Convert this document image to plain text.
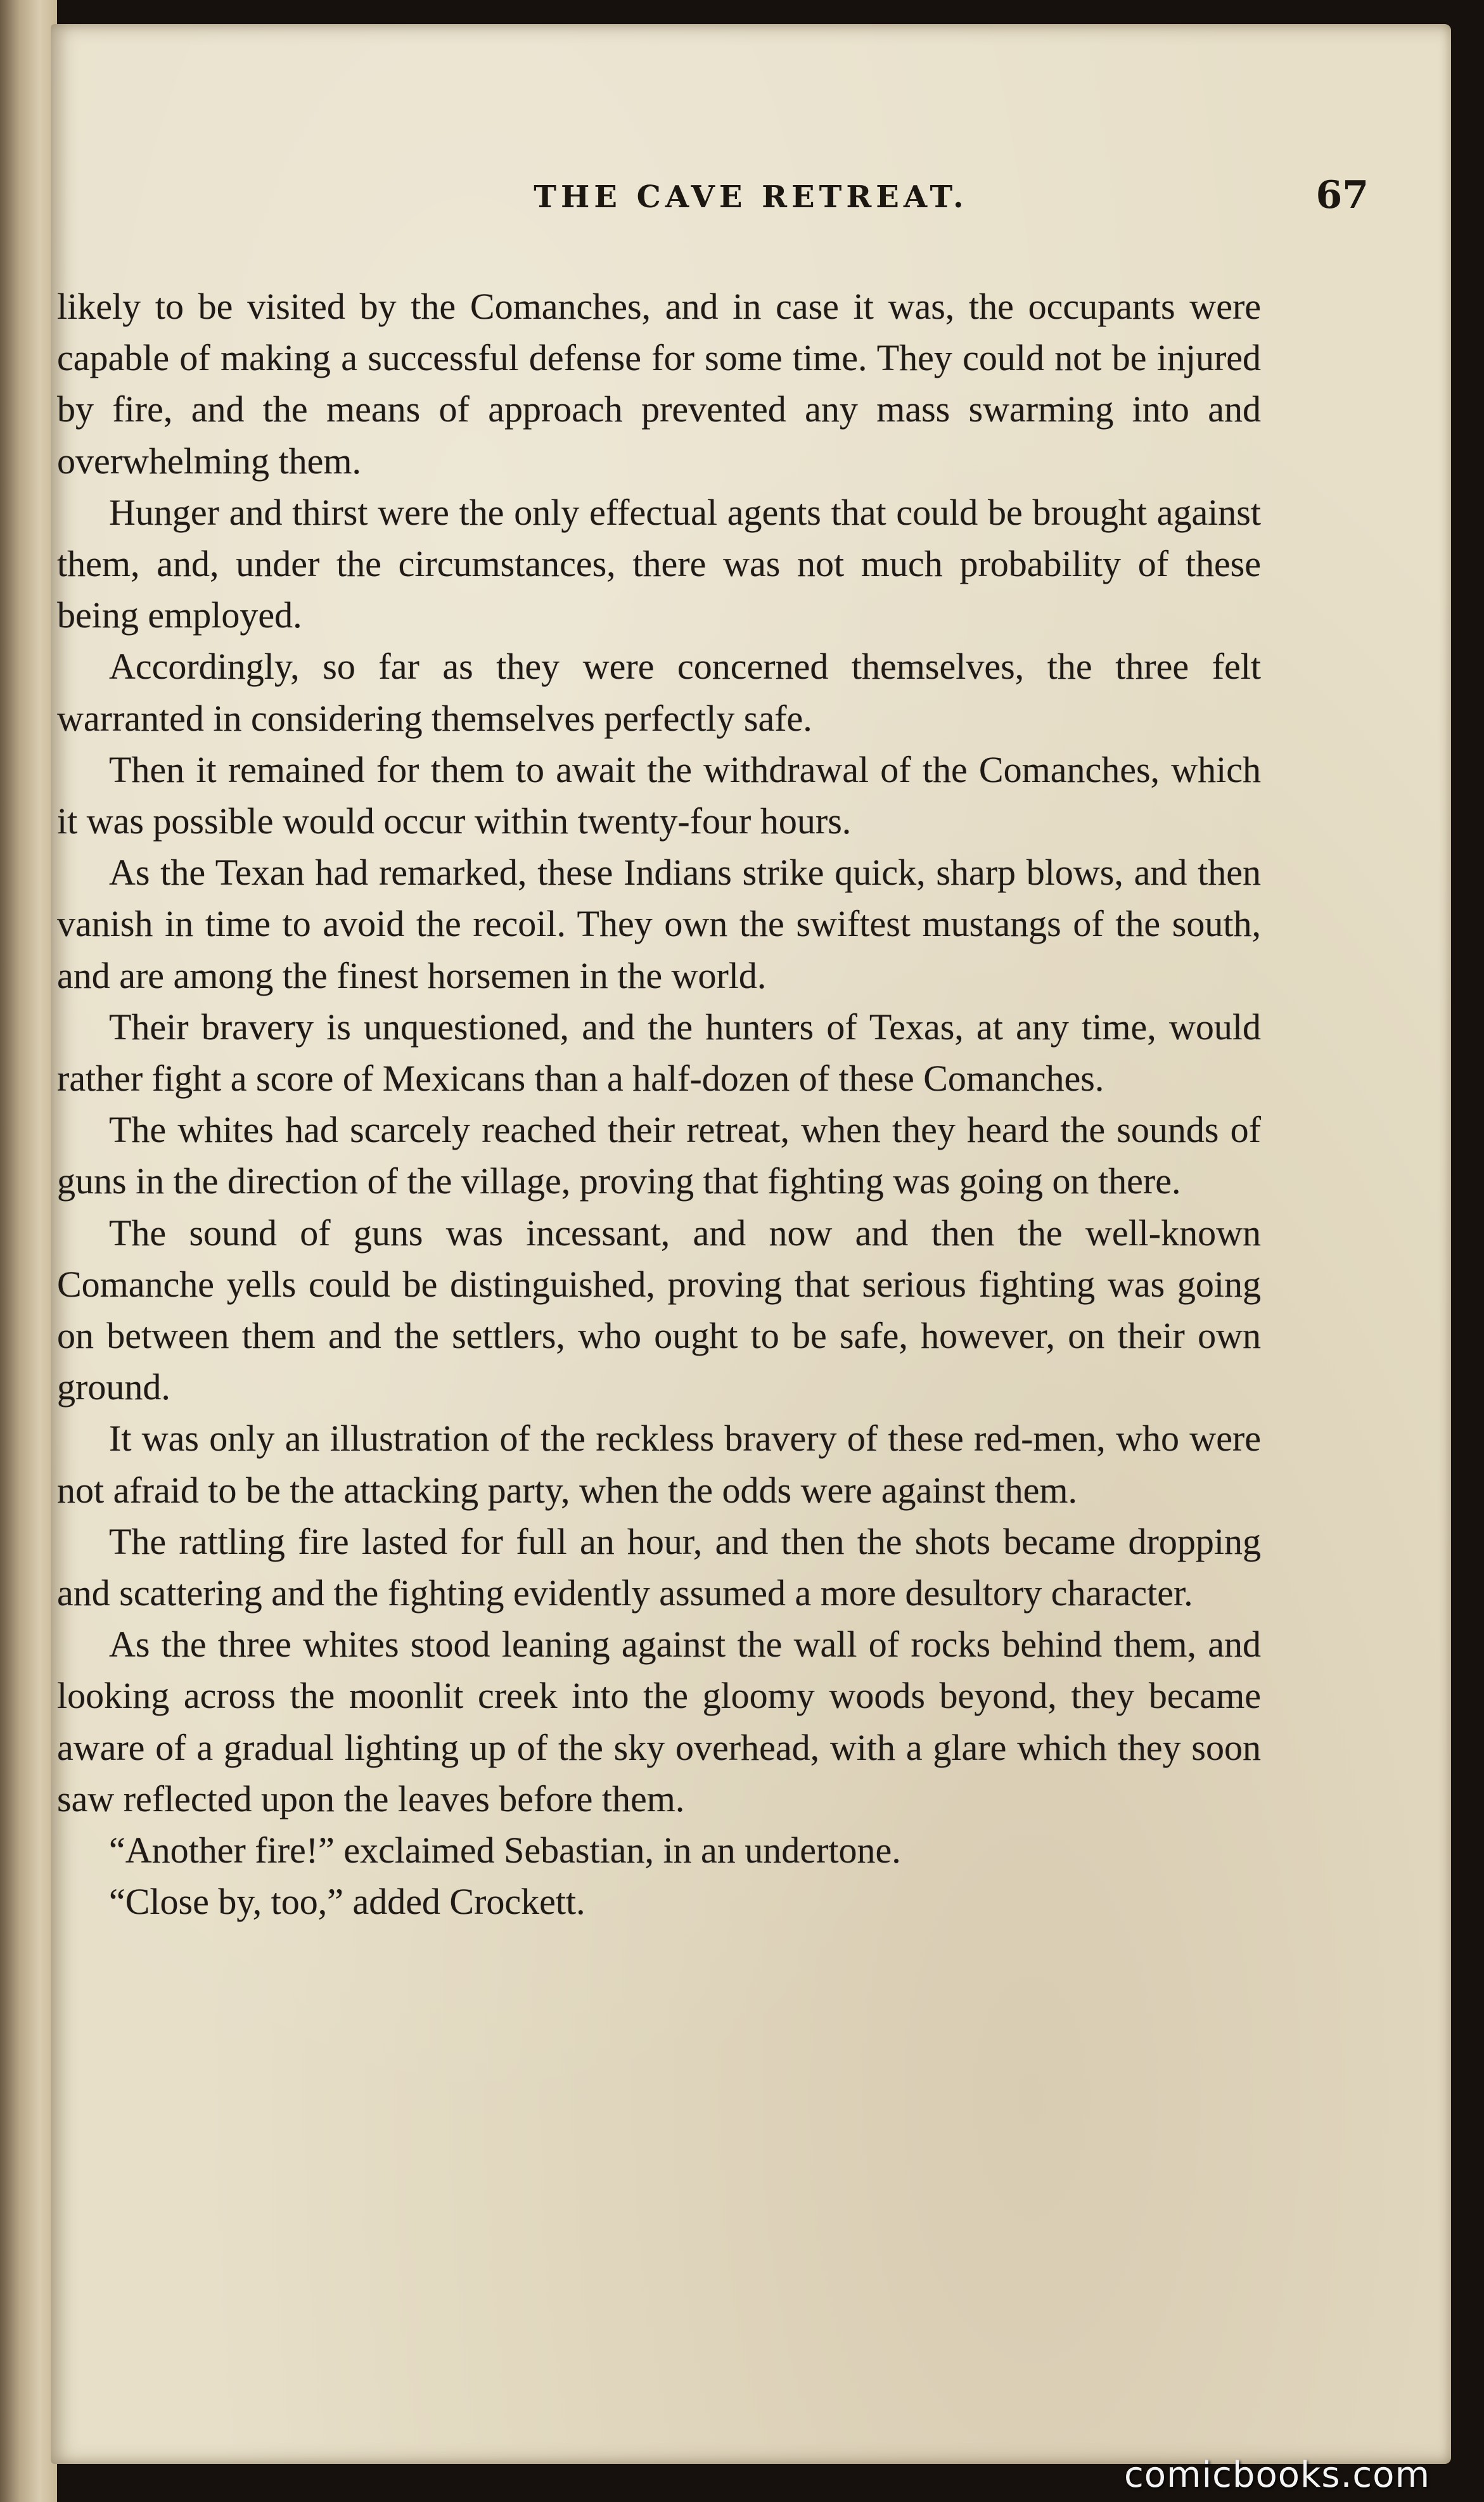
THE CAVE RETREAT.	67

likely to be visited by the Comanches, and in case it was, the occupants were capable of making a successful defense for some time. They could not be injured by fire, and the means of approach prevented any mass swarming into and overwhelming them.

Hunger and thirst were the only effectual agents that could be brought against them, and, under the circumstances, there was not much probability of these being employed.

Accordingly, so far as they were concerned themselves, the three felt warranted in considering themselves perfectly safe.

Then it remained for them to await the withdrawal of the Comanches, which it was possible would occur within twenty-four hours.

As the Texan had remarked, these Indians strike quick, sharp blows, and then vanish in time to avoid the recoil. They own the swiftest mustangs of the south, and are among the finest horsemen in the world.

Their bravery is unquestioned, and the hunters of Texas, at any time, would rather fight a score of Mexicans than a half-dozen of these Comanches.

The whites had scarcely reached their retreat, when they heard the sounds of guns in the direction of the village, proving that fighting was going on there.

The sound of guns was incessant, and now and then the well-known Comanche yells could be distinguished, proving that serious fighting was going on between them and the settlers, who ought to be safe, however, on their own ground.

It was only an illustration of the reckless bravery of these red-men, who were not afraid to be the attacking party, when the odds were against them.

The rattling fire lasted for full an hour, and then the shots became dropping and scattering and the fighting evidently assumed a more desultory character.

As the three whites stood leaning against the wall of rocks behind them, and looking across the moonlit creek into the gloomy woods beyond, they became aware of a gradual lighting up of the sky overhead, with a glare which they soon saw reflected upon the leaves before them.

“Another fire!” exclaimed Sebastian, in an undertone.

“Close by, too,” added Crockett.

comicbooks.com
